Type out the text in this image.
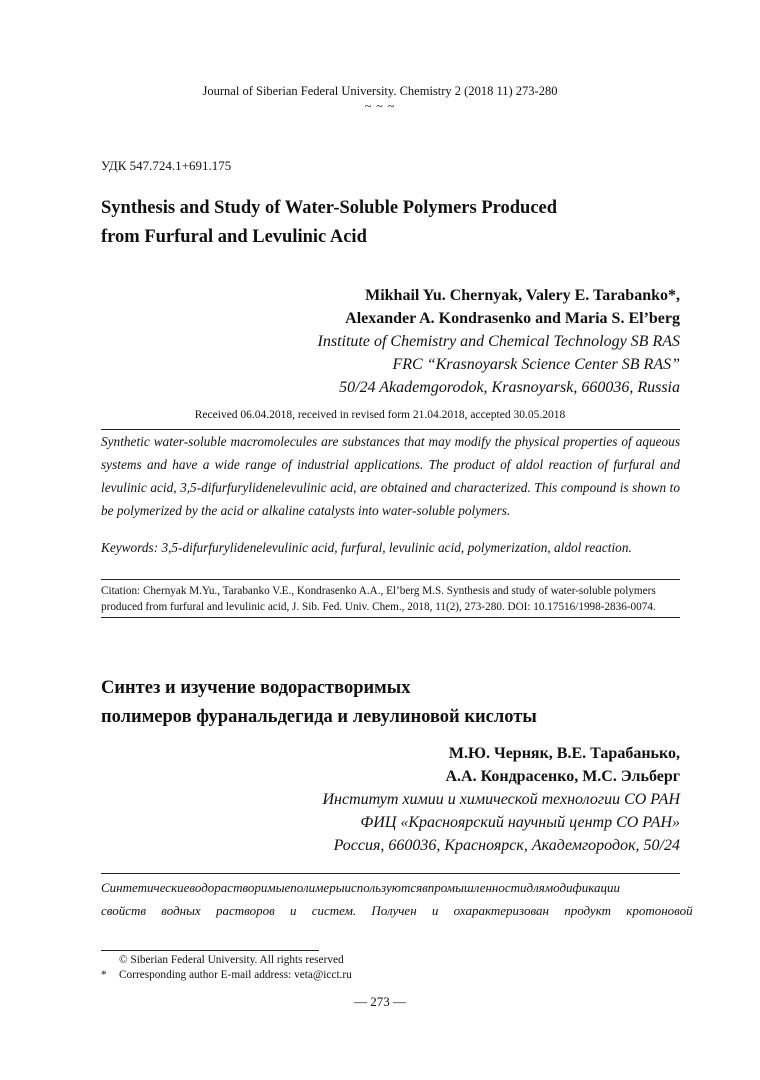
Journal of Siberian Federal University. Chemistry 2 (2018 11) 273-280
~ ~ ~
УДК 547.724.1+691.175
Synthesis and Study of Water-Soluble Polymers Produced
from Furfural and Levulinic Acid
Mikhail Yu. Chernyak, Valery E. Tarabanko*,
Alexander A. Kondrasenko and Maria S. El’berg
Institute of Chemistry and Chemical Technology SB RAS
FRC “Krasnoyarsk Science Center SB RAS”
50/24 Akademgorodok, Krasnoyarsk, 660036, Russia
Received 06.04.2018, received in revised form 21.04.2018, accepted 30.05.2018
Synthetic water-soluble macromolecules are substances that may modify the physical properties of aqueous systems and have a wide range of industrial applications. The product of aldol reaction of furfural and levulinic acid, 3,5-difurfurylidenelevulinic acid, are obtained and characterized. This compound is shown to be polymerized by the acid or alkaline catalysts into water-soluble polymers.
Keywords: 3,5-difurfurylidenelevulinic acid, furfural, levulinic acid, polymerization, aldol reaction.
Citation: Chernyak M.Yu., Tarabanko V.E., Kondrasenko A.A., El’berg M.S. Synthesis and study of water-soluble polymers produced from furfural and levulinic acid, J. Sib. Fed. Univ. Chem., 2018, 11(2), 273-280. DOI: 10.17516/1998-2836-0074.
Синтез и изучение водорастворимых
полимеров фуранальдегида и левулиновой кислоты
М.Ю. Черняк, В.Е. Тарабанько,
А.А. Кондрасенко, М.С. Эльберг
Институт химии и химической технологии СО РАН
ФИЦ «Красноярский научный центр СО РАН»
Россия, 660036, Красноярск, Академгородок, 50/24
Синтетическиеводорастворимыеполимерыиспользуютсявпромышленностидлямодификации
свойств водных растворов и систем. Получен и охарактеризован продукт кротоновой
© Siberian Federal University. All rights reserved
* Corresponding author E-mail address: veta@icct.ru
— 273 —
